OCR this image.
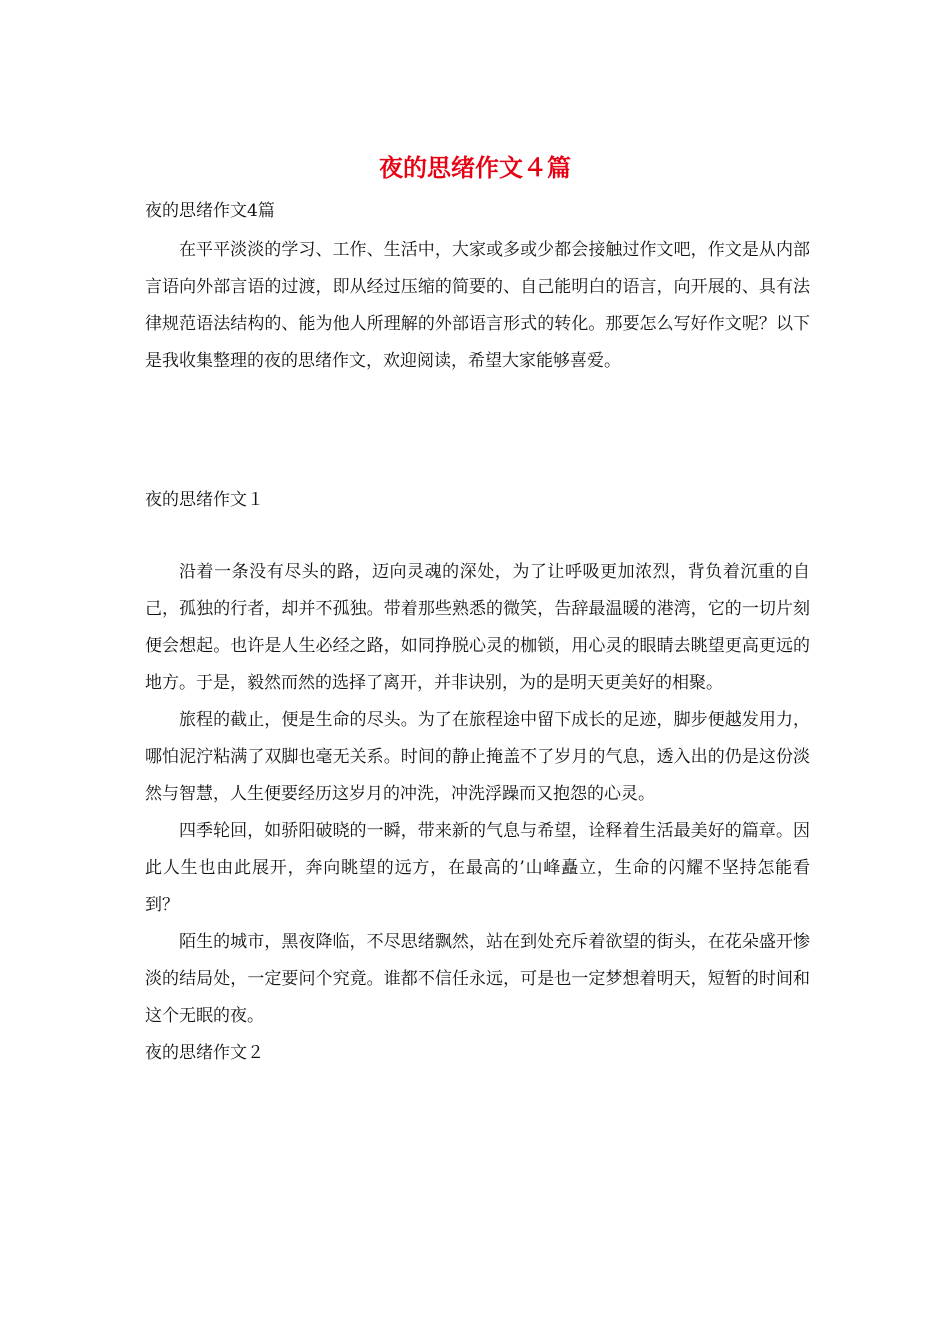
夜的思绪作文４篇

夜的思绪作文4篇

在平平淡淡的学习、工作、生活中，大家或多或少都会接触过作文吧，作文是从内部言语向外部言语的过渡，即从经过压缩的简要的、自己能明白的语言，向开展的、具有法律规范语法结构的、能为他人所理解的外部语言形式的转化。那要怎么写好作文呢？以下是我收集整理的夜的思绪作文，欢迎阅读，希望大家能够喜爱。

夜的思绪作文１

沿着一条没有尽头的路，迈向灵魂的深处，为了让呼吸更加浓烈，背负着沉重的自己，孤独的行者，却并不孤独。带着那些熟悉的微笑，告辞最温暖的港湾，它的一切片刻便会想起。也许是人生必经之路，如同挣脱心灵的枷锁，用心灵的眼睛去眺望更高更远的地方。于是，毅然而然的选择了离开，并非诀别，为的是明天更美好的相聚。

旅程的截止，便是生命的尽头。为了在旅程途中留下成长的足迹，脚步便越发用力，哪怕泥泞粘满了双脚也毫无关系。时间的静止掩盖不了岁月的气息，透入出的仍是这份淡然与智慧，人生便要经历这岁月的冲洗，冲洗浮躁而又抱怨的心灵。

四季轮回，如骄阳破晓的一瞬，带来新的气息与希望，诠释着生活最美好的篇章。因此人生也由此展开，奔向眺望的远方，在最高的’山峰矗立，生命的闪耀不坚持怎能看到？

陌生的城市，黑夜降临，不尽思绪飘然，站在到处充斥着欲望的街头，在花朵盛开惨淡的结局处，一定要问个究竟。谁都不信任永远，可是也一定梦想着明天，短暂的时间和这个无眠的夜。

夜的思绪作文２
